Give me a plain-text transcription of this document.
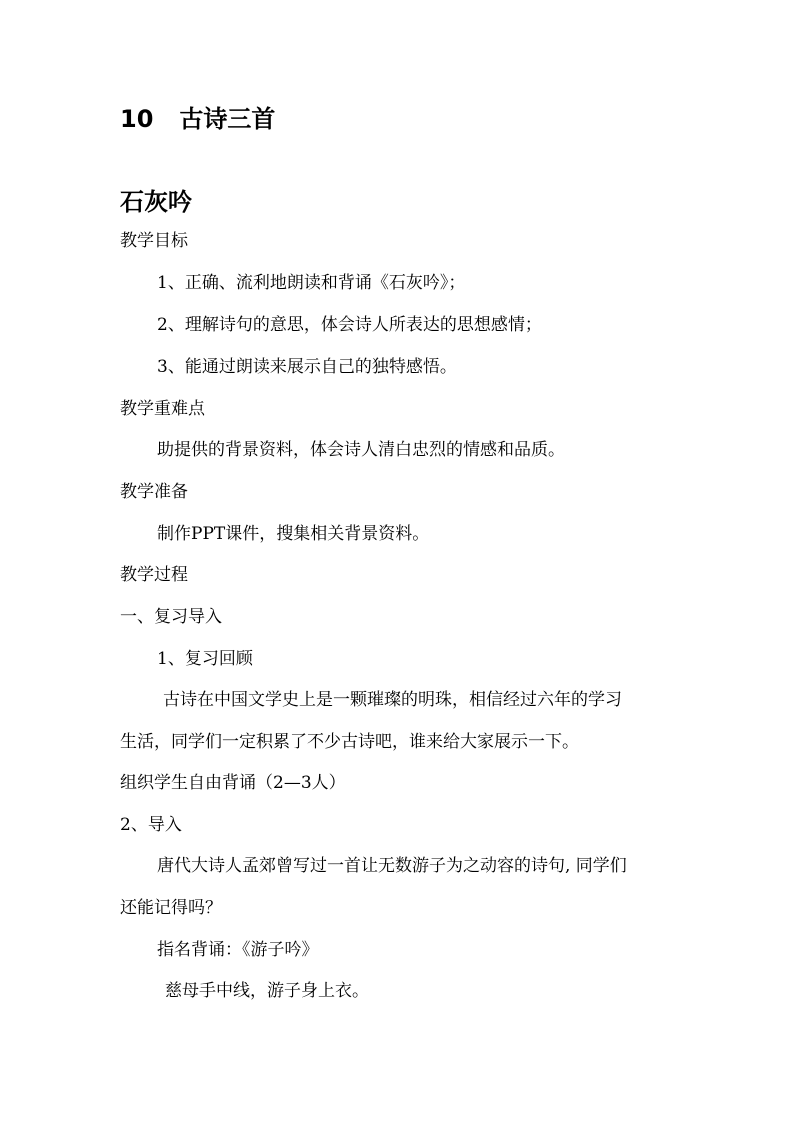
10 古诗三首
石灰吟
教学目标
1、正确、流利地朗读和背诵《石灰吟》；
2、理解诗句的意思，体会诗人所表达的思想感情；
3、能通过朗读来展示自己的独特感悟。
教学重难点
助提供的背景资料，体会诗人清白忠烈的情感和品质。
教学准备
制作PPT课件，搜集相关背景资料。
教学过程
一、复习导入
1、复习回顾
古诗在中国文学史上是一颗璀璨的明珠，相信经过六年的学习
生活，同学们一定积累了不少古诗吧，谁来给大家展示一下。
组织学生自由背诵（2—3人）
2、导入
唐代大诗人孟郊曾写过一首让无数游子为之动容的诗句, 同学们
还能记得吗？
指名背诵：《游子吟》
慈母手中线，游子身上衣。
